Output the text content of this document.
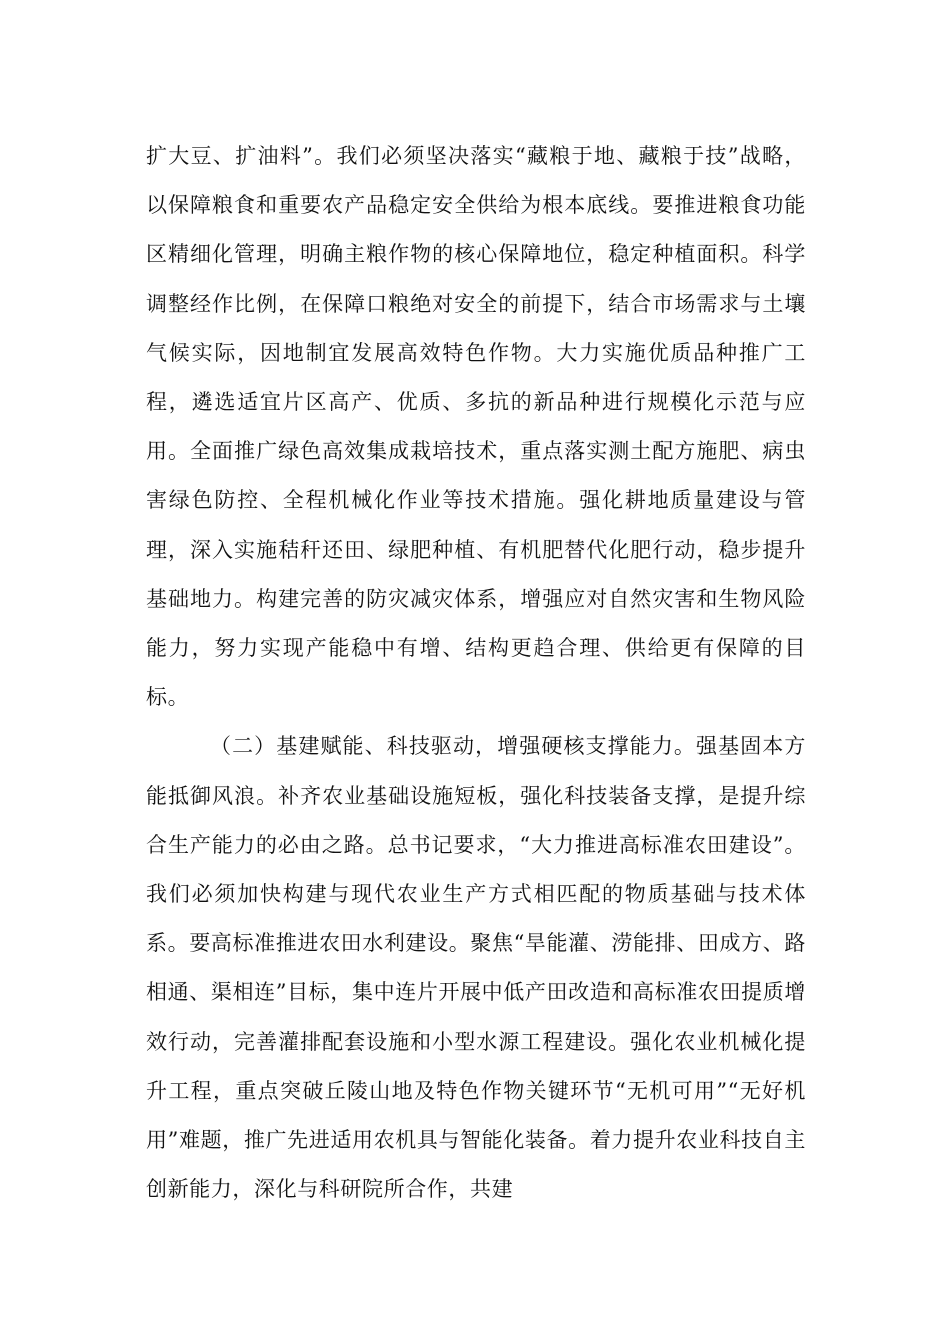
扩大豆、扩油料”。我们必须坚决落实“藏粮于地、藏粮于技”战略，以保障粮食和重要农产品稳定安全供给为根本底线。要推进粮食功能区精细化管理，明确主粮作物的核心保障地位，稳定种植面积。科学调整经作比例，在保障口粮绝对安全的前提下，结合市场需求与土壤气候实际，因地制宜发展高效特色作物。大力实施优质品种推广工程，遴选适宜片区高产、优质、多抗的新品种进行规模化示范与应用。全面推广绿色高效集成栽培技术，重点落实测土配方施肥、病虫害绿色防控、全程机械化作业等技术措施。强化耕地质量建设与管理，深入实施秸秆还田、绿肥种植、有机肥替代化肥行动，稳步提升基础地力。构建完善的防灾减灾体系，增强应对自然灾害和生物风险能力，努力实现产能稳中有增、结构更趋合理、供给更有保障的目标。

（二）基建赋能、科技驱动，增强硬核支撑能力。强基固本方能抵御风浪。补齐农业基础设施短板，强化科技装备支撑，是提升综合生产能力的必由之路。总书记要求，“大力推进高标准农田建设”。我们必须加快构建与现代农业生产方式相匹配的物质基础与技术体系。要高标准推进农田水利建设。聚焦“旱能灌、涝能排、田成方、路相通、渠相连”目标，集中连片开展中低产田改造和高标准农田提质增效行动，完善灌排配套设施和小型水源工程建设。强化农业机械化提升工程，重点突破丘陵山地及特色作物关键环节“无机可用”“无好机用”难题，推广先进适用农机具与智能化装备。着力提升农业科技自主创新能力，深化与科研院所合作，共建
